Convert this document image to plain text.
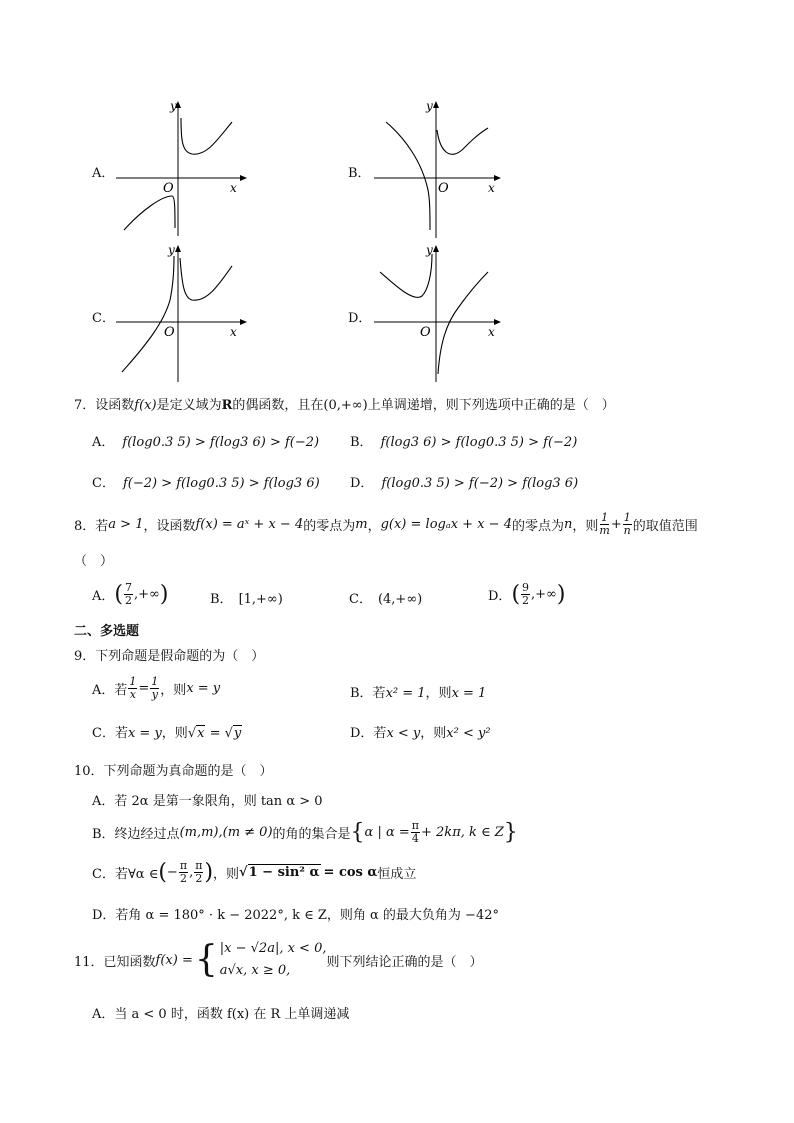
A．
y
x
O
B．
y
x
O
C．
y
x
O
D．
y
x
O
7．设函数f(x)是定义域为R的偶函数，且在(0,+∞)上单调递增，则下列选项中正确的是（　）
A． f(log0.3 5) > f(log3 6) > f(−2) B． f(log3 6) > f(log0.3 5) > f(−2)
C． f(−2) > f(log0.3 5) > f(log3 6) D． f(log0.3 5) > f(−2) > f(log3 6)
8．若 a > 1 ，设函数 f(x) = aˣ + x − 4 的零点为 m ， g(x) = logₐx + x − 4 的零点为 n ，则 $\frac{1}{m} + \frac{1}{n}$ 的取值范围
（　）
A． ( $\frac{7}{2}$ ,+∞ )	B． [1,+∞)	C． (4,+∞)	D． ( $\frac{9}{2}$ ,+∞ )
二、多选题
9．下列命题是假命题的为（　）
A．若 $\frac{1}{x} = \frac{1}{y}$ ，则 x = y	B．若x² = 1，则x = 1
C．若x = y，则√x = √y	D．若x < y，则x² < y²
10．下列命题为真命题的是（　）
A．若 2α 是第一象限角，则 tan α > 0
B．终边经过点 (m,m),(m ≠ 0) 的角的集合是 { α | $\alpha = \frac{\pi}{4} + 2k\pi$, k ∈ Z }
C．若∀α ∈ ( − $\frac{\pi}{2}$ , $\frac{\pi}{2}$ ) ，则 √1 − sin² α = cos α 恒成立
D．若角 α = 180° · k − 2022°, k ∈ Z，则角 α 的最大负角为 −42°
11．已知函数 f(x) = { |x − √2a|, x < 0,
a√x, x ≥ 0,
则下列结论正确的是（　）
A．当 a < 0 时，函数 f(x) 在 R 上单调递减
